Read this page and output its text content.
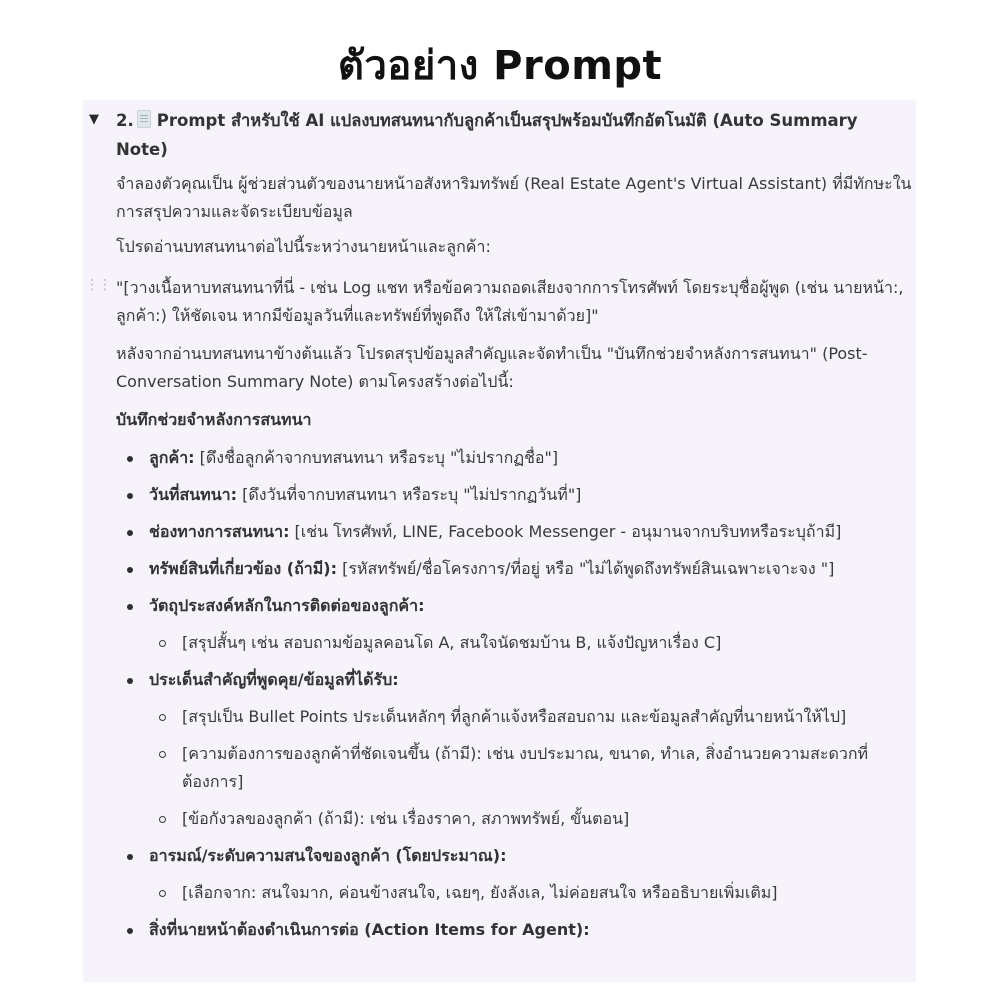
ตัวอย่าง Prompt
▼ 2. Prompt สำหรับใช้ AI แปลงบทสนทนากับลูกค้าเป็นสรุปพร้อมบันทึกอัตโนมัติ (Auto Summary Note)
จำลองตัวคุณเป็น ผู้ช่วยส่วนตัวของนายหน้าอสังหาริมทรัพย์ (Real Estate Agent's Virtual Assistant) ที่มีทักษะในการสรุปความและจัดระเบียบข้อมูล
โปรดอ่านบทสนทนาต่อไปนี้ระหว่างนายหน้าและลูกค้า:
⋮⋮ "[วางเนื้อหาบทสนทนาที่นี่ - เช่น Log แชท หรือข้อความถอดเสียงจากการโทรศัพท์ โดยระบุชื่อผู้พูด (เช่น นายหน้า:, ลูกค้า:) ให้ชัดเจน หากมีข้อมูลวันที่และทรัพย์ที่พูดถึง ให้ใส่เข้ามาด้วย]"
หลังจากอ่านบทสนทนาข้างต้นแล้ว โปรดสรุปข้อมูลสำคัญและจัดทำเป็น "บันทึกช่วยจำหลังการสนทนา" (Post-Conversation Summary Note) ตามโครงสร้างต่อไปนี้:
บันทึกช่วยจำหลังการสนทนา
ลูกค้า: [ดึงชื่อลูกค้าจากบทสนทนา หรือระบุ "ไม่ปรากฏชื่อ"]
วันที่สนทนา: [ดึงวันที่จากบทสนทนา หรือระบุ "ไม่ปรากฏวันที่"]
ช่องทางการสนทนา: [เช่น โทรศัพท์, LINE, Facebook Messenger - อนุมานจากบริบทหรือระบุถ้ามี]
ทรัพย์สินที่เกี่ยวข้อง (ถ้ามี): [รหัสทรัพย์/ชื่อโครงการ/ที่อยู่ หรือ "ไม่ได้พูดถึงทรัพย์สินเฉพาะเจาะจง "]
วัตถุประสงค์หลักในการติดต่อของลูกค้า:
[สรุปสั้นๆ เช่น สอบถามข้อมูลคอนโด A, สนใจนัดชมบ้าน B, แจ้งปัญหาเรื่อง C]
ประเด็นสำคัญที่พูดคุย/ข้อมูลที่ได้รับ:
[สรุปเป็น Bullet Points ประเด็นหลักๆ ที่ลูกค้าแจ้งหรือสอบถาม และข้อมูลสำคัญที่นายหน้าให้ไป]
[ความต้องการของลูกค้าที่ชัดเจนขึ้น (ถ้ามี): เช่น งบประมาณ, ขนาด, ทำเล, สิ่งอำนวยความสะดวกที่ต้องการ]
[ข้อกังวลของลูกค้า (ถ้ามี): เช่น เรื่องราคา, สภาพทรัพย์, ขั้นตอน]
อารมณ์/ระดับความสนใจของลูกค้า (โดยประมาณ):
[เลือกจาก: สนใจมาก, ค่อนข้างสนใจ, เฉยๆ, ยังลังเล, ไม่ค่อยสนใจ หรืออธิบายเพิ่มเติม]
สิ่งที่นายหน้าต้องดำเนินการต่อ (Action Items for Agent):
